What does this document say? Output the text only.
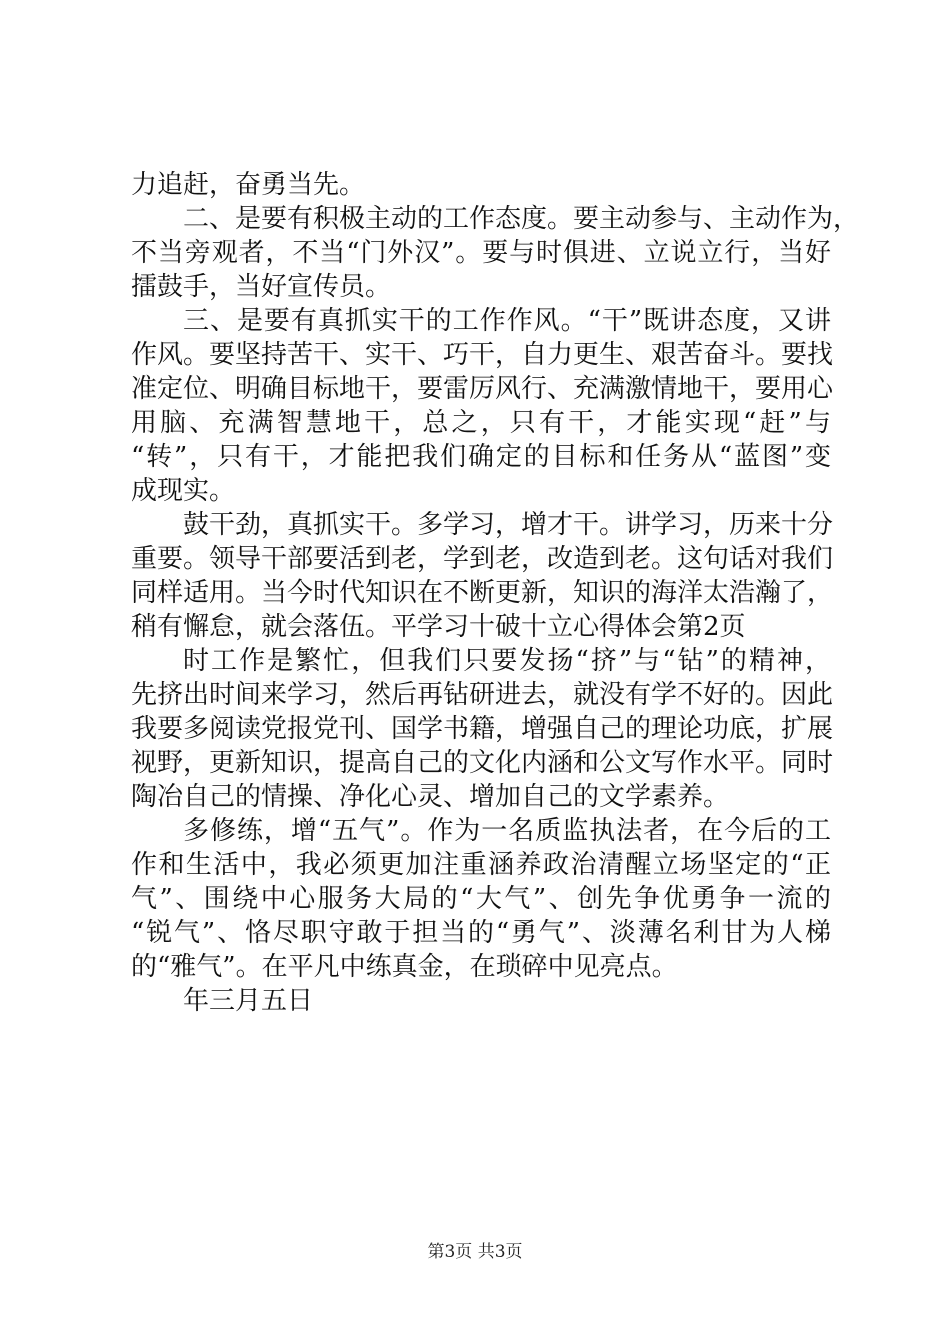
力追赶，奋勇当先。
二、是要有积极主动的工作态度。要主动参与、主动作为，
不当旁观者，不当“门外汉”。要与时俱进、立说立行，当好
擂鼓手，当好宣传员。
三、是要有真抓实干的工作作风。“干”既讲态度，又讲
作风。要坚持苦干、实干、巧干，自力更生、艰苦奋斗。要找
准定位、明确目标地干，要雷厉风行、充满激情地干，要用心
用脑、充满智慧地干，总之，只有干，才能实现“赶”与
“转”，只有干，才能把我们确定的目标和任务从“蓝图”变
成现实。
鼓干劲，真抓实干。多学习，增才干。讲学习，历来十分
重要。领导干部要活到老，学到老，改造到老。这句话对我们
同样适用。当今时代知识在不断更新，知识的海洋太浩瀚了，
稍有懈怠，就会落伍。平学习十破十立心得体会第2页
时工作是繁忙，但我们只要发扬“挤”与“钻”的精神，
先挤出时间来学习，然后再钻研进去，就没有学不好的。因此
我要多阅读党报党刊、国学书籍，增强自己的理论功底，扩展
视野，更新知识，提高自己的文化内涵和公文写作水平。同时
陶冶自己的情操、净化心灵、增加自己的文学素养。
多修练，增“五气”。作为一名质监执法者，在今后的工
作和生活中，我必须更加注重涵养政治清醒立场坚定的“正
气”、围绕中心服务大局的“大气”、创先争优勇争一流的
“锐气”、恪尽职守敢于担当的“勇气”、淡薄名利甘为人梯
的“雅气”。在平凡中练真金，在琐碎中见亮点。
年三月五日
第3页 共3页
